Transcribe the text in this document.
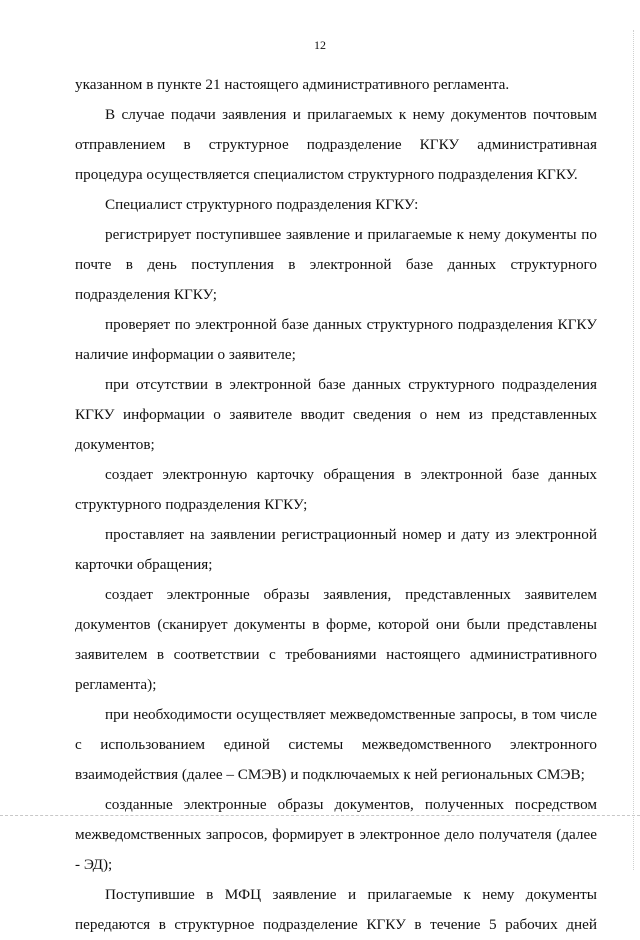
12

указанном в пункте 21 настоящего административного регламента.

В случае подачи заявления и прилагаемых к нему документов почтовым отправлением в структурное подразделение КГКУ административная процедура осуществляется специалистом структурного подразделения КГКУ.

Специалист структурного подразделения КГКУ:

регистрирует поступившее заявление и прилагаемые к нему документы по почте в день поступления в электронной базе данных структурного подразделения КГКУ;

проверяет по электронной базе данных структурного подразделения КГКУ наличие информации о заявителе;

при отсутствии в электронной базе данных структурного подразделения КГКУ информации о заявителе вводит сведения о нем из представленных документов;

создает электронную карточку обращения в электронной базе данных структурного подразделения КГКУ;

проставляет на заявлении регистрационный номер и дату из электронной карточки обращения;

создает электронные образы заявления, представленных заявителем документов (сканирует документы в форме, которой они были представлены заявителем в соответствии с требованиями настоящего административного регламента);

при необходимости осуществляет межведомственные запросы, в том числе с использованием единой системы межведомственного электронного взаимодействия (далее – СМЭВ) и подключаемых к ней региональных СМЭВ;

созданные электронные образы документов, полученных посредством межведомственных запросов, формирует в электронное дело получателя (далее - ЭД);

Поступившие в МФЦ заявление и прилагаемые к нему документы передаются в структурное подразделение КГКУ в течение 5 рабочих дней
